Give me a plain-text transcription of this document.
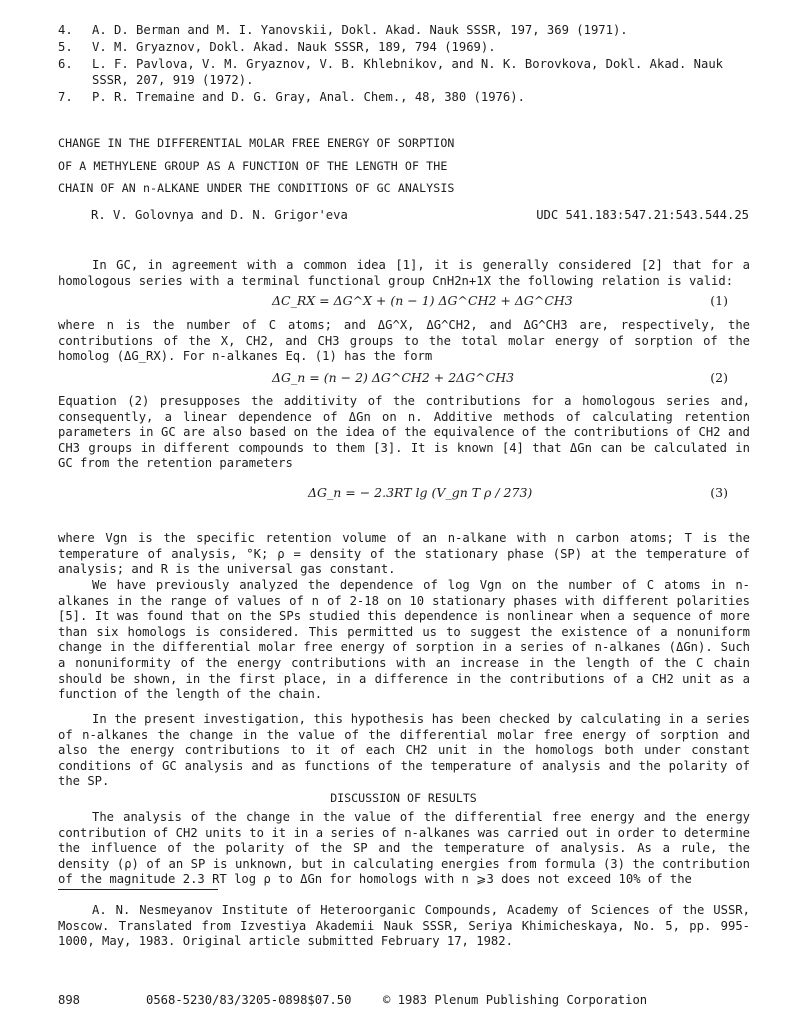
4. A. D. Berman and M. I. Yanovskii, Dokl. Akad. Nauk SSSR, 197, 369 (1971).
5. V. M. Gryaznov, Dokl. Akad. Nauk SSSR, 189, 794 (1969).
6. L. F. Pavlova, V. M. Gryaznov, V. B. Khlebnikov, and N. K. Borovkova, Dokl. Akad. Nauk
SSSR, 207, 919 (1972).
7. P. R. Tremaine and D. G. Gray, Anal. Chem., 48, 380 (1976).
CHANGE IN THE DIFFERENTIAL MOLAR FREE ENERGY OF SORPTION
OF A METHYLENE GROUP AS A FUNCTION OF THE LENGTH OF THE
CHAIN OF AN n-ALKANE UNDER THE CONDITIONS OF GC ANALYSIS
R. V. Golovnya and D. N. Grigor'eva	UDC 541.183:547.21:543.544.25

In GC, in agreement with a common idea [1], it is generally considered [2] that for a homologous series with a terminal functional group CnH2n+1X the following relation is valid:

ΔC_RX = ΔG^X + (n − 1) ΔG^CH2 + ΔG^CH3	(1)

where n is the number of C atoms; and ΔG^X, ΔG^CH2, and ΔG^CH3 are, respectively, the contributions of the X, CH2, and CH3 groups to the total molar energy of sorption of the homolog (ΔG_RX). For n-alkanes Eq. (1) has the form

ΔG_n = (n − 2) ΔG^CH2 + 2ΔG^CH3	(2)

Equation (2) presupposes the additivity of the contributions for a homologous series and, consequently, a linear dependence of ΔGn on n. Additive methods of calculating retention parameters in GC are also based on the idea of the equivalence of the contributions of CH2 and CH3 groups in different compounds to them [3]. It is known [4] that ΔGn can be calculated in GC from the retention parameters

ΔG_n = − 2.3RT lg (V_gn T ρ / 273)	(3)

where Vgn is the specific retention volume of an n-alkane with n carbon atoms; T is the temperature of analysis, °K; ρ = density of the stationary phase (SP) at the temperature of analysis; and R is the universal gas constant.

We have previously analyzed the dependence of log Vgn on the number of C atoms in n-alkanes in the range of values of n of 2-18 on 10 stationary phases with different polarities [5]. It was found that on the SPs studied this dependence is nonlinear when a sequence of more than six homologs is considered. This permitted us to suggest the existence of a nonuniform change in the differential molar free energy of sorption in a series of n-alkanes (ΔGn). Such a nonuniformity of the energy contributions with an increase in the length of the C chain should be shown, in the first place, in a difference in the contributions of a CH2 unit as a function of the length of the chain.

In the present investigation, this hypothesis has been checked by calculating in a series of n-alkanes the change in the value of the differential molar free energy of sorption and also the energy contributions to it of each CH2 unit in the homologs both under constant conditions of GC analysis and as functions of the temperature of analysis and the polarity of the SP.

DISCUSSION OF RESULTS

The analysis of the change in the value of the differential free energy and the energy contribution of CH2 units to it in a series of n-alkanes was carried out in order to determine the influence of the polarity of the SP and the temperature of analysis. As a rule, the density (ρ) of an SP is unknown, but in calculating energies from formula (3) the contribution of the magnitude 2.3 RT log ρ to ΔGn for homologs with n ⩾3 does not exceed 10% of the

A. N. Nesmeyanov Institute of Heteroorganic Compounds, Academy of Sciences of the USSR, Moscow. Translated from Izvestiya Akademii Nauk SSSR, Seriya Khimicheskaya, No. 5, pp. 995-1000, May, 1983. Original article submitted February 17, 1982.

898	0568-5230/83/3205-0898$07.50	© 1983 Plenum Publishing Corporation
